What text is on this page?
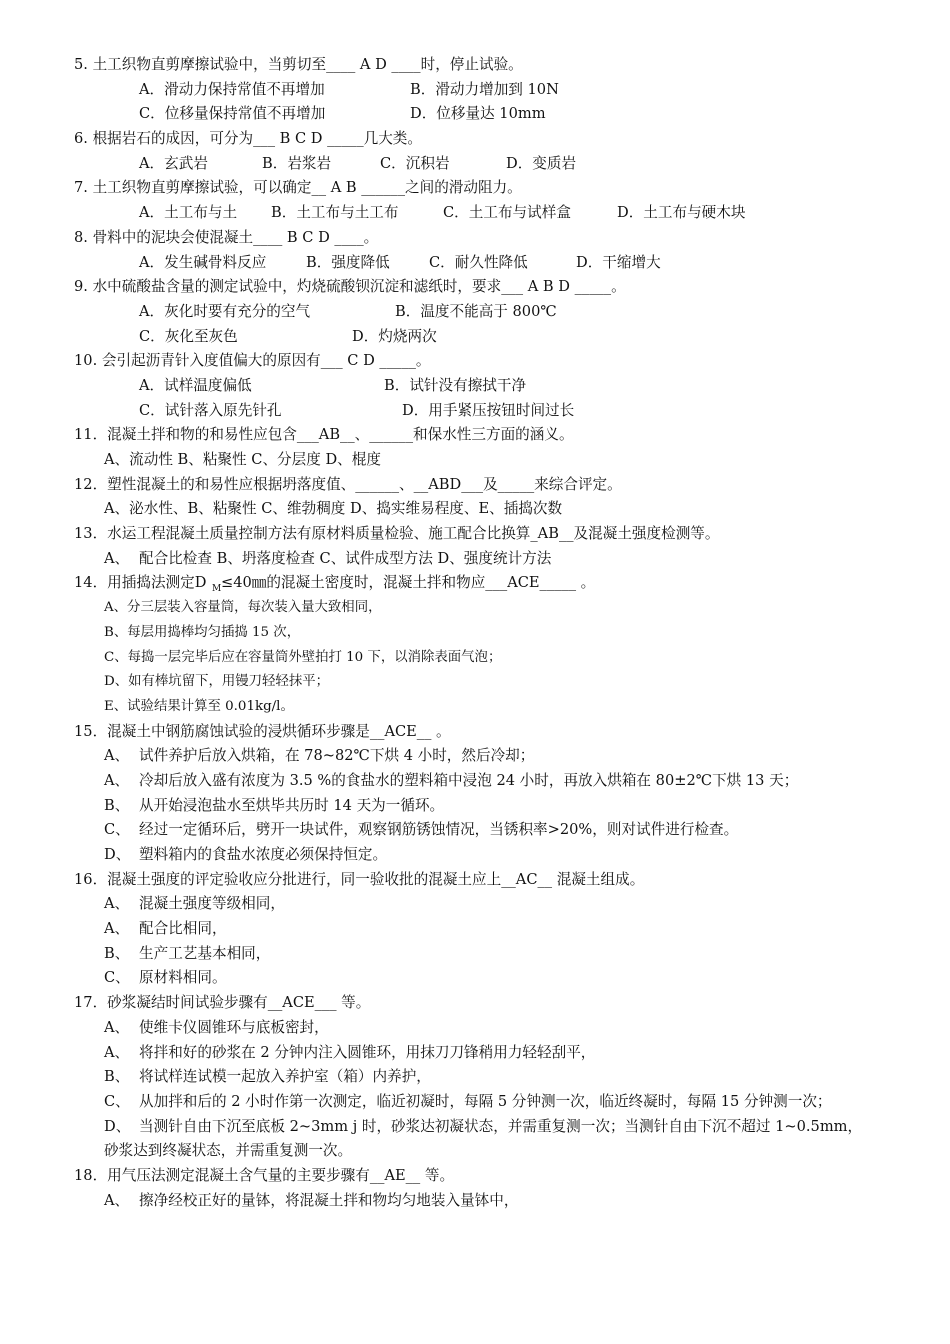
5. 土工织物直剪摩擦试验中，当剪切至____ A D ____时，停止试验。
A．滑动力保持常值不再增加	B．滑动力增加到 10N
C．位移量保持常值不再增加	D．位移量达 10mm
6. 根据岩石的成因，可分为___ B C D _____几大类。
A．玄武岩	B．岩浆岩	C．沉积岩	D．变质岩
7. 土工织物直剪摩擦试验，可以确定__ A B ______之间的滑动阻力。
A．土工布与土 B．土工布与土工布	C．土工布与试样盒	D．土工布与硬木块
8. 骨料中的泥块会使混凝土____ B C D ____。
A．发生碱骨料反应	B．强度降低	C．耐久性降低	D．干缩增大
9. 水中硫酸盐含量的测定试验中，灼烧硫酸钡沉淀和滤纸时，要求___ A B D _____。
A．灰化时要有充分的空气	B．温度不能高于 800℃
C．灰化至灰色	D．灼烧两次
10. 会引起沥青针入度值偏大的原因有___ C D _____。
A．试样温度偏低	B．试针没有擦拭干净
C．试针落入原先针孔	D．用手紧压按钮时间过长
11．混凝土拌和物的和易性应包含___AB__、______和保水性三方面的涵义。
A、流动性 B、粘聚性 C、分层度 D、棍度
12．塑性混凝土的和易性应根据坍落度值、______、__ABD___及_____来综合评定。
A、泌水性、B、粘聚性 C、维勃稠度 D、捣实维易程度、E、插捣次数
13．水运工程混凝土质量控制方法有原材料质量检验、施工配合比换算_AB__及混凝土强度检测等。
A、 配合比检查 B、坍落度检查 C、试件成型方法 D、强度统计方法
14．用插捣法测定D M ≤40㎜的混凝土密度时，混凝土拌和物应___ACE_____ 。
A、分三层装入容量筒，每次装入量大致相同，
B、每层用捣棒均匀插捣 15 次，
C、每捣一层完毕后应在容量筒外壁拍打 10 下，以消除表面气泡；
D、如有棒坑留下，用镘刀轻轻抹平；
E、试验结果计算至 0.01kg/l。
15．混凝土中钢筋腐蚀试验的浸烘循环步骤是__ACE__ 。
A、 试件养护后放入烘箱，在 78~82℃下烘 4 小时，然后冷却；
A、 冷却后放入盛有浓度为 3.5 %的食盐水的塑料箱中浸泡 24 小时，再放入烘箱在 80±2℃下烘 13 天；
B、 从开始浸泡盐水至烘毕共历时 14 天为一循环。
C、 经过一定循环后，劈开一块试件，观察钢筋锈蚀情况，当锈积率>20%，则对试件进行检查。
D、 塑料箱内的食盐水浓度必须保持恒定。
16．混凝土强度的评定验收应分批进行，同一验收批的混凝土应上__AC__ 混凝土组成。
A、 混凝土强度等级相同，
A、 配合比相同，
B、 生产工艺基本相同，
C、 原材料相同。
17．砂浆凝结时间试验步骤有__ACE___ 等。
A、 使维卡仪圆锥环与底板密封，
A、 将拌和好的砂浆在 2 分钟内注入圆锥环，用抹刀刀锋稍用力轻轻刮平，
B、 将试样连试模一起放入养护室（箱）内养护，
C、 从加拌和后的 2 小时作第一次测定，临近初凝时，每隔 5 分钟测一次，临近终凝时，每隔 15 分钟测一次；
D、 当测针自由下沉至底板 2~3mm j 时，砂浆达初凝状态，并需重复测一次；当测针自由下沉不超过 1~0.5mm，
砂浆达到终凝状态，并需重复测一次。
18．用气压法测定混凝土含气量的主要步骤有__AE__ 等。
A、 擦净经校正好的量钵，将混凝土拌和物均匀地装入量钵中，
